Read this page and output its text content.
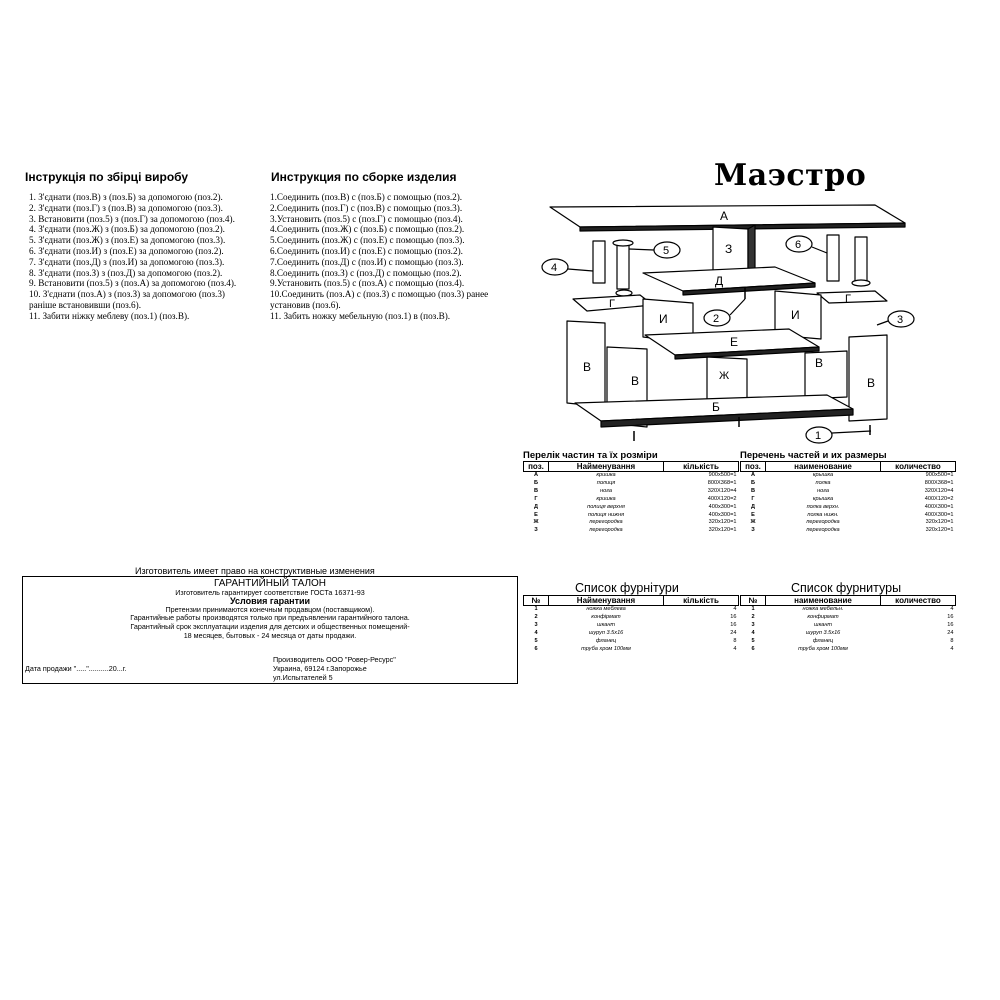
Інструкція по збірці виробу
1. З'єднати (поз.В) з (поз.Б) за допомогою (поз.2).
2. З'єднати (поз.Г) з (поз.В) за допомогою (поз.3).
3. Встановити (поз.5) з (поз.Г) за допомогою (поз.4).
4. З'єднати (поз.Ж) з (поз.Б) за допомогою (поз.2).
5. З'єднати (поз.Ж) з (поз.Е) за допомогою (поз.3).
6. З'єднати (поз.И) з (поз.Е) за допомогою (поз.2).
7. З'єднати (поз.Д) з (поз.И) за допомогою (поз.3).
8. З'єднати (поз.З) з (поз.Д) за допомогою (поз.2).
9. Встановити (поз.5) з (поз.А) за допомогою (поз.4).
10. З'єднати (поз.А) з (поз.З) за допомогою (поз.3)
раніше встановивши (поз.6).
11. Забити ніжку меблеву (поз.1) (поз.В).
Инструкция по сборке изделия
1.Соединить (поз.В) с (поз.Б) с помощью (поз.2).
2.Соединить (поз.Г) с (поз.В) с помощью (поз.3).
3.Установить (поз.5) с (поз.Г) с помощью (поз.4).
4.Соединить (поз.Ж) с (поз.Б) с помощью (поз.2).
5.Соединить (поз.Ж) с (поз.Е) с помощью (поз.3).
6.Соединить (поз.И) с (поз.Е) с помощью (поз.2).
7.Соединить (поз.Д) с (поз.И) с помощью (поз.3).
8.Соединить (поз.З) с (поз.Д) с помощью (поз.2).
9.Установить (поз.5) с (поз.А) с помощью (поз.4).
10.Соединить (поз.А) с (поз.З) с помощью (поз.3) ранее
установив (поз.6).
11. Забить ножку мебельную (поз.1) в (поз.В).
Маэстро
А
Д
Е
Б
З
Ж
И	И
Г	Г
В
В
В
В
1
2	3
4
5	6
Перелік частин та їх розміри
поз.	Найменування	кількість
А	кришка	900х500=1
Б	полиця	800Х368=1
В	нога	320Х120=4
Г	кришка	400Х120=2
Д	полиця верхня	400х300=1
Е	полиця нижня	400х300=1
Ж	перегородка	320х120=1
З	перегородка	320х120=1
Перечень частей и их размеры
поз.	наименование	количество
А	крышка	900х500=1
Б	полка	800Х368=1
В	нога	320Х120=4
Г	крышка	400Х120=2
Д	полка верхн.	400Х300=1
Е	полка нижн.	400Х300=1
Ж	перегородка	320х120=1
З	перегородка	320х120=1
Список фурнітури
№	Найменування	кількість
1	ножка меблева	4
2	конфірмат	16
3	шкант	16
4	шуруп 3.5х16	24
5	фланец	8
6	труба хром 100мм	4
Список фурнитуры
№	наименование	количество
1	ножка мебельн.	4
2	конфирмат	16
3	шкант	16
4	шуруп 3.5х16	24
5	фланец	8
6	труба хром 100мм	4
Изготовитель имеет право на конструктивные изменения
ГАРАНТИЙНЫЙ ТАЛОН
Изготовитель гарантирует соответствие ГОСТа 16371-93
Условия гарантии
Претензии принимаются конечным продавцом (поставщиком).
Гарантийные работы производятся только при предъявлении гарантийного талона.
Гарантийный срок эксплуатации изделия для детских и общественных помещений-
18 месяцев, бытовых - 24 месяца от даты продажи.
Производитель ООО "Ровер-Ресурс"
Украина, 69124 г.Запорожье
ул.Испытателей 5
Дата продажи "....."..........20...г.
